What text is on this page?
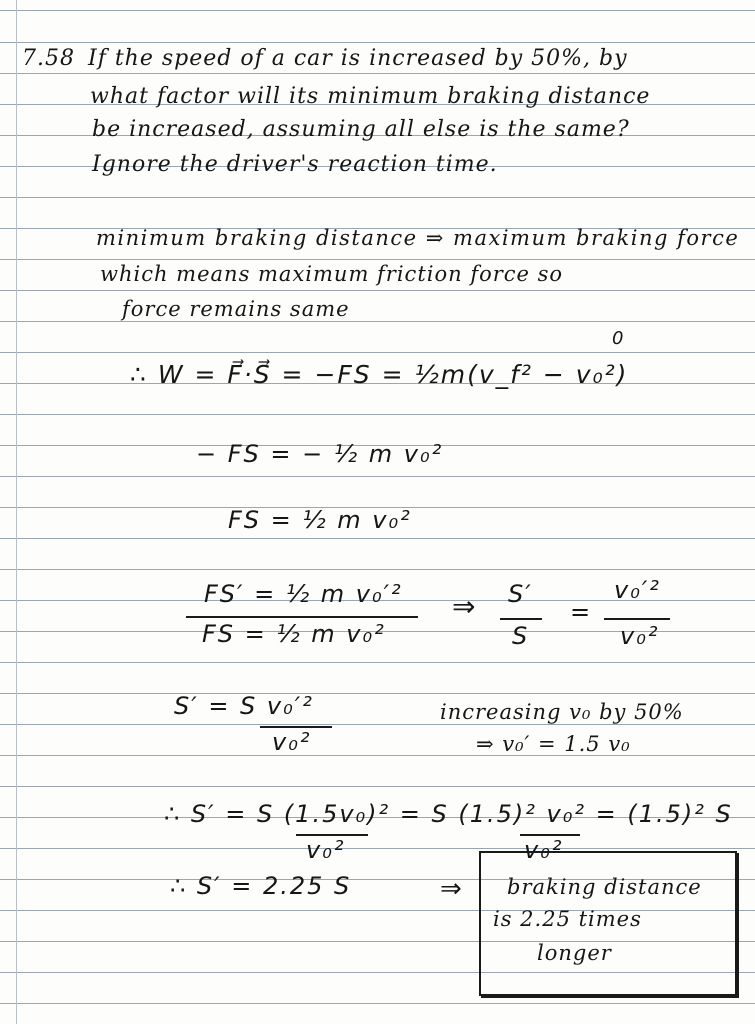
7.58 If the speed of a car is increased by 50%, by
what factor will its minimum braking distance
be increased, assuming all else is the same?
Ignore the driver's reaction time.
minimum braking distance ⇒ maximum braking force
which means maximum friction force so
force remains same
0
∴ W = F⃗·S⃗ = −FS = ½m(v_f² − v₀²)
− FS = − ½ m v₀²
FS = ½ m v₀²
FS′ = ½ m v₀′²
FS = ½ m v₀²
⇒ S′
S
=
v₀′²
v₀²
S′ = S v₀′²
v₀²
increasing v₀ by 50%
⇒ v₀′ = 1.5 v₀
∴ S′ = S (1.5v₀)² = S (1.5)² v₀² = (1.5)² S
v₀²	v₀²
∴ S′ = 2.25 S	⇒ braking distance
is 2.25 times
longer
